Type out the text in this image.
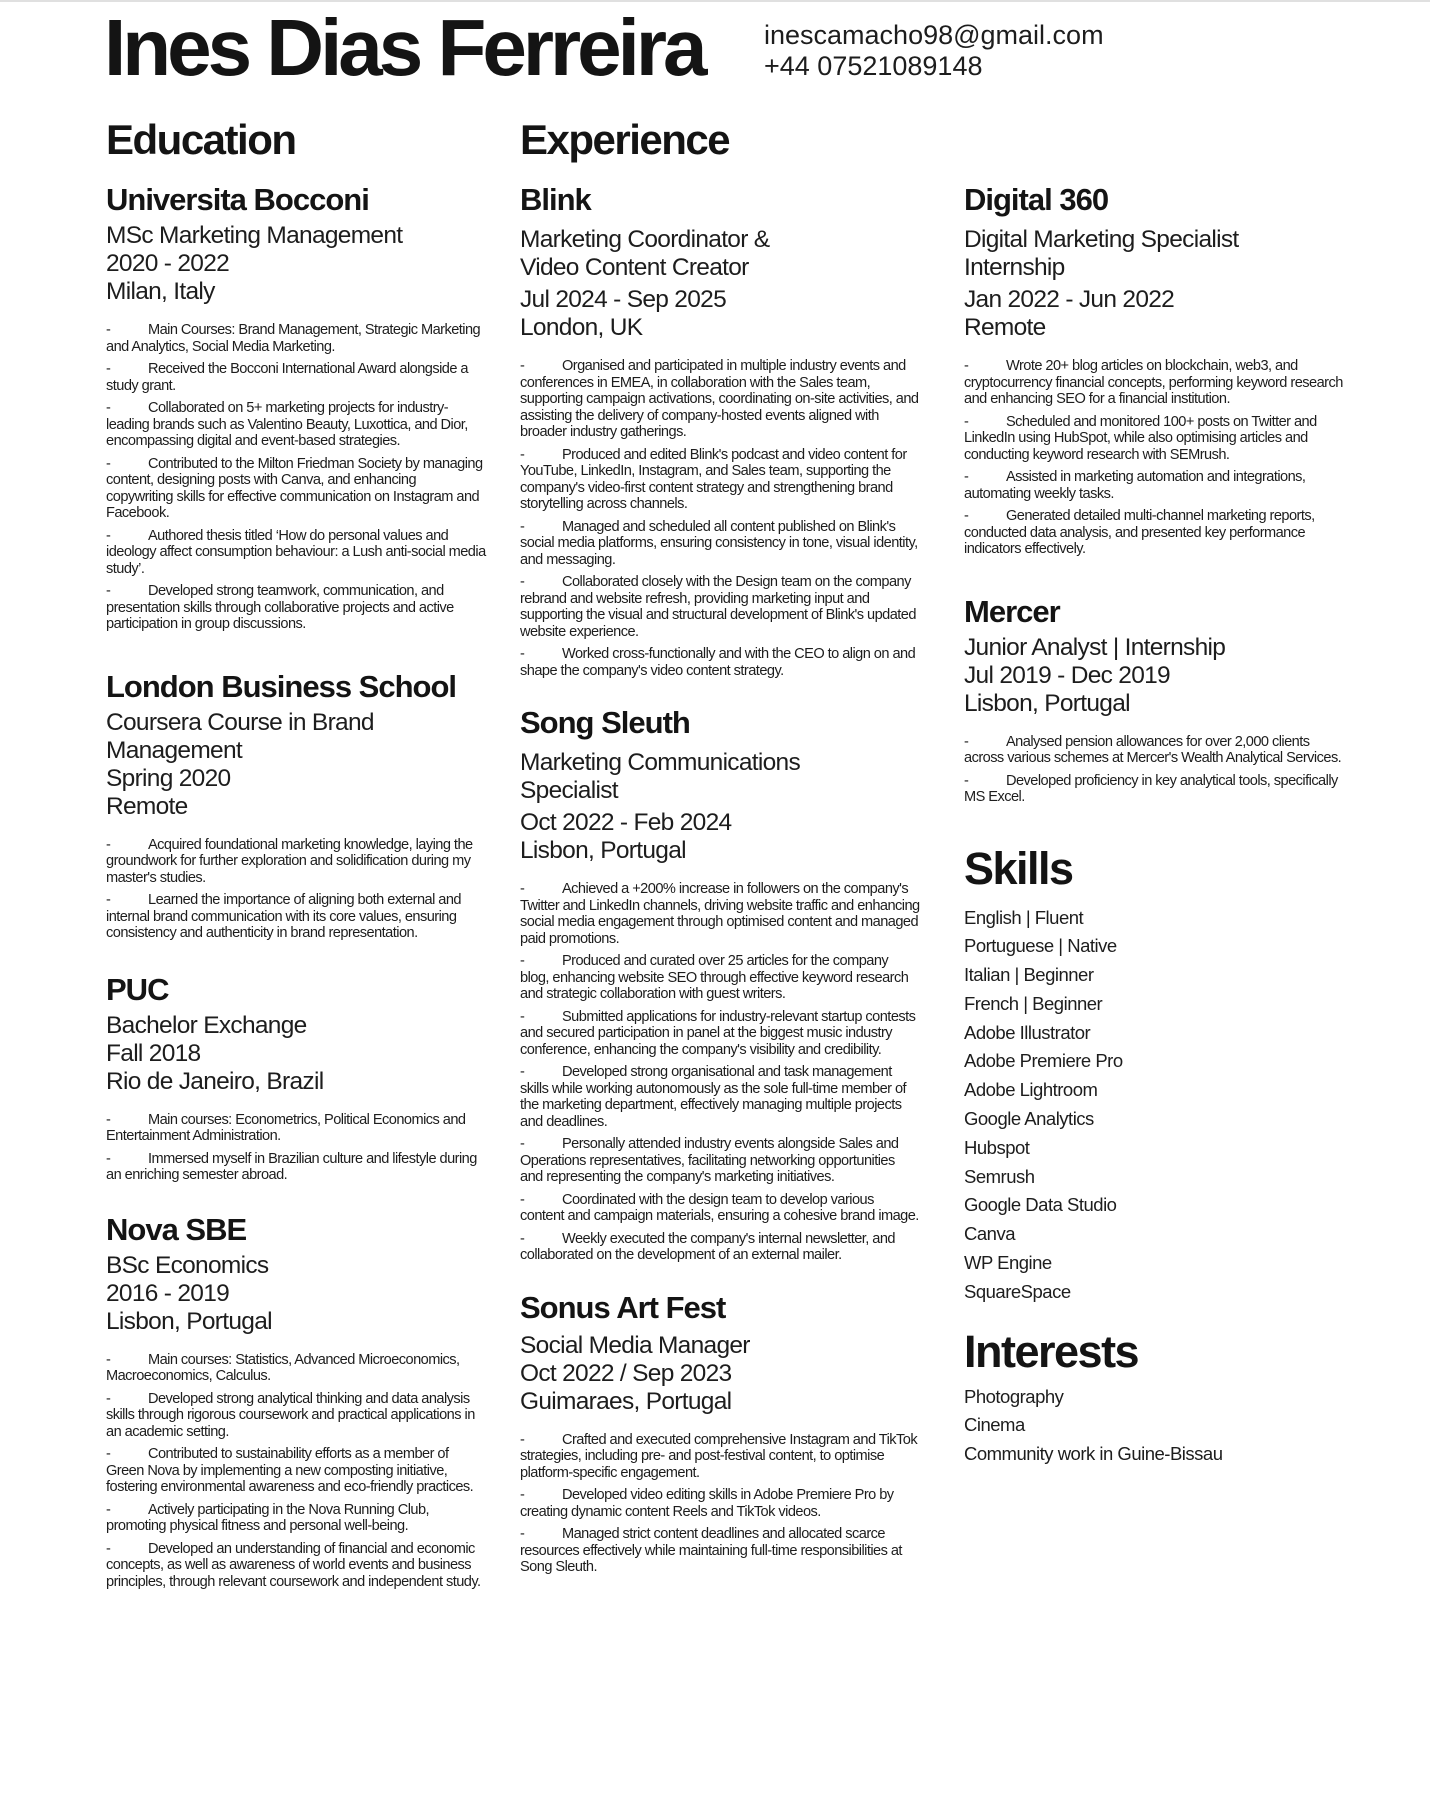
Ines Dias Ferreira inescamacho98@gmail.com
+44 07521089148
Education
Universita Bocconi
MSc Marketing Management
2020 - 2022
Milan, Italy
-	Main Courses: Brand Management, Strategic Marketing and Analytics, Social Media Marketing.
-	Received the Bocconi International Award alongside a study grant.
-	Collaborated on 5+ marketing projects for industry-leading brands such as Valentino Beauty, Luxottica, and Dior, encompassing digital and event-based strategies.
-	Contributed to the Milton Friedman Society by managing content, designing posts with Canva, and enhancing copywriting skills for effective communication on Instagram and Facebook.
-	Authored thesis titled ‘How do personal values and ideology affect consumption behaviour: a Lush anti-social media study’.
-	Developed strong teamwork, communication, and presentation skills through collaborative projects and active participation in group discussions.
London Business School
Coursera Course in Brand
Management
Spring 2020
Remote
-	Acquired foundational marketing knowledge, laying the groundwork for further exploration and solidification during my master's studies.
-	Learned the importance of aligning both external and internal brand communication with its core values, ensuring consistency and authenticity in brand representation.
PUC
Bachelor Exchange
Fall 2018
Rio de Janeiro, Brazil
-	Main courses: Econometrics, Political Economics and Entertainment Administration.
-	Immersed myself in Brazilian culture and lifestyle during an enriching semester abroad.
Nova SBE
BSc Economics
2016 - 2019
Lisbon, Portugal
-	Main courses: Statistics, Advanced Microeconomics, Macroeconomics, Calculus.
-	Developed strong analytical thinking and data analysis skills through rigorous coursework and practical applications in an academic setting.
-	Contributed to sustainability efforts as a member of Green Nova by implementing a new composting initiative, fostering environmental awareness and eco-friendly practices.
-	Actively participating in the Nova Running Club, promoting physical fitness and personal well-being.
-	Developed an understanding of financial and economic concepts, as well as awareness of world events and business principles, through relevant coursework and independent study.
Experience
Blink
Marketing Coordinator &
Video Content Creator
Jul 2024 - Sep 2025
London, UK
-	Organised and participated in multiple industry events and conferences in EMEA, in collaboration with the Sales team, supporting campaign activations, coordinating on-site activities, and assisting the delivery of company-hosted events aligned with broader industry gatherings.
-	Produced and edited Blink's podcast and video content for YouTube, LinkedIn, Instagram, and Sales team, supporting the company's video-first content strategy and strengthening brand storytelling across channels.
-	Managed and scheduled all content published on Blink's social media platforms, ensuring consistency in tone, visual identity, and messaging.
-	Collaborated closely with the Design team on the company rebrand and website refresh, providing marketing input and supporting the visual and structural development of Blink's updated website experience.
-	Worked cross-functionally and with the CEO to align on and shape the company's video content strategy.
Song Sleuth
Marketing Communications
Specialist
Oct 2022 - Feb 2024
Lisbon, Portugal
-	Achieved a +200% increase in followers on the company's Twitter and LinkedIn channels, driving website traffic and enhancing social media engagement through optimised content and managed paid promotions.
-	Produced and curated over 25 articles for the company blog, enhancing website SEO through effective keyword research and strategic collaboration with guest writers.
-	Submitted applications for industry-relevant startup contests and secured participation in panel at the biggest music industry conference, enhancing the company's visibility and credibility.
-	Developed strong organisational and task management skills while working autonomously as the sole full-time member of the marketing department, effectively managing multiple projects and deadlines.
-	Personally attended industry events alongside Sales and Operations representatives, facilitating networking opportunities and representing the company's marketing initiatives.
-	Coordinated with the design team to develop various content and campaign materials, ensuring a cohesive brand image.
-	Weekly executed the company's internal newsletter, and collaborated on the development of an external mailer.
Sonus Art Fest
Social Media Manager
Oct 2022 / Sep 2023
Guimaraes, Portugal
-	Crafted and executed comprehensive Instagram and TikTok strategies, including pre- and post-festival content, to optimise platform-specific engagement.
-	Developed video editing skills in Adobe Premiere Pro by creating dynamic content Reels and TikTok videos.
-	Managed strict content deadlines and allocated scarce resources effectively while maintaining full-time responsibilities at Song Sleuth.
Digital 360
Digital Marketing Specialist
Internship
Jan 2022 - Jun 2022
Remote
-	Wrote 20+ blog articles on blockchain, web3, and cryptocurrency financial concepts, performing keyword research and enhancing SEO for a financial institution.
-	Scheduled and monitored 100+ posts on Twitter and LinkedIn using HubSpot, while also optimising articles and conducting keyword research with SEMrush.
-	Assisted in marketing automation and integrations, automating weekly tasks.
-	Generated detailed multi-channel marketing reports, conducted data analysis, and presented key performance indicators effectively.
Mercer
Junior Analyst | Internship
Jul 2019 - Dec 2019
Lisbon, Portugal
-	Analysed pension allowances for over 2,000 clients across various schemes at Mercer's Wealth Analytical Services.
-	Developed proficiency in key analytical tools, specifically MS Excel.
Skills
English | Fluent
Portuguese | Native
Italian | Beginner
French | Beginner
Adobe Illustrator
Adobe Premiere Pro
Adobe Lightroom
Google Analytics
Hubspot
Semrush
Google Data Studio
Canva
WP Engine
SquareSpace
Interests
Photography
Cinema
Community work in Guine-Bissau
